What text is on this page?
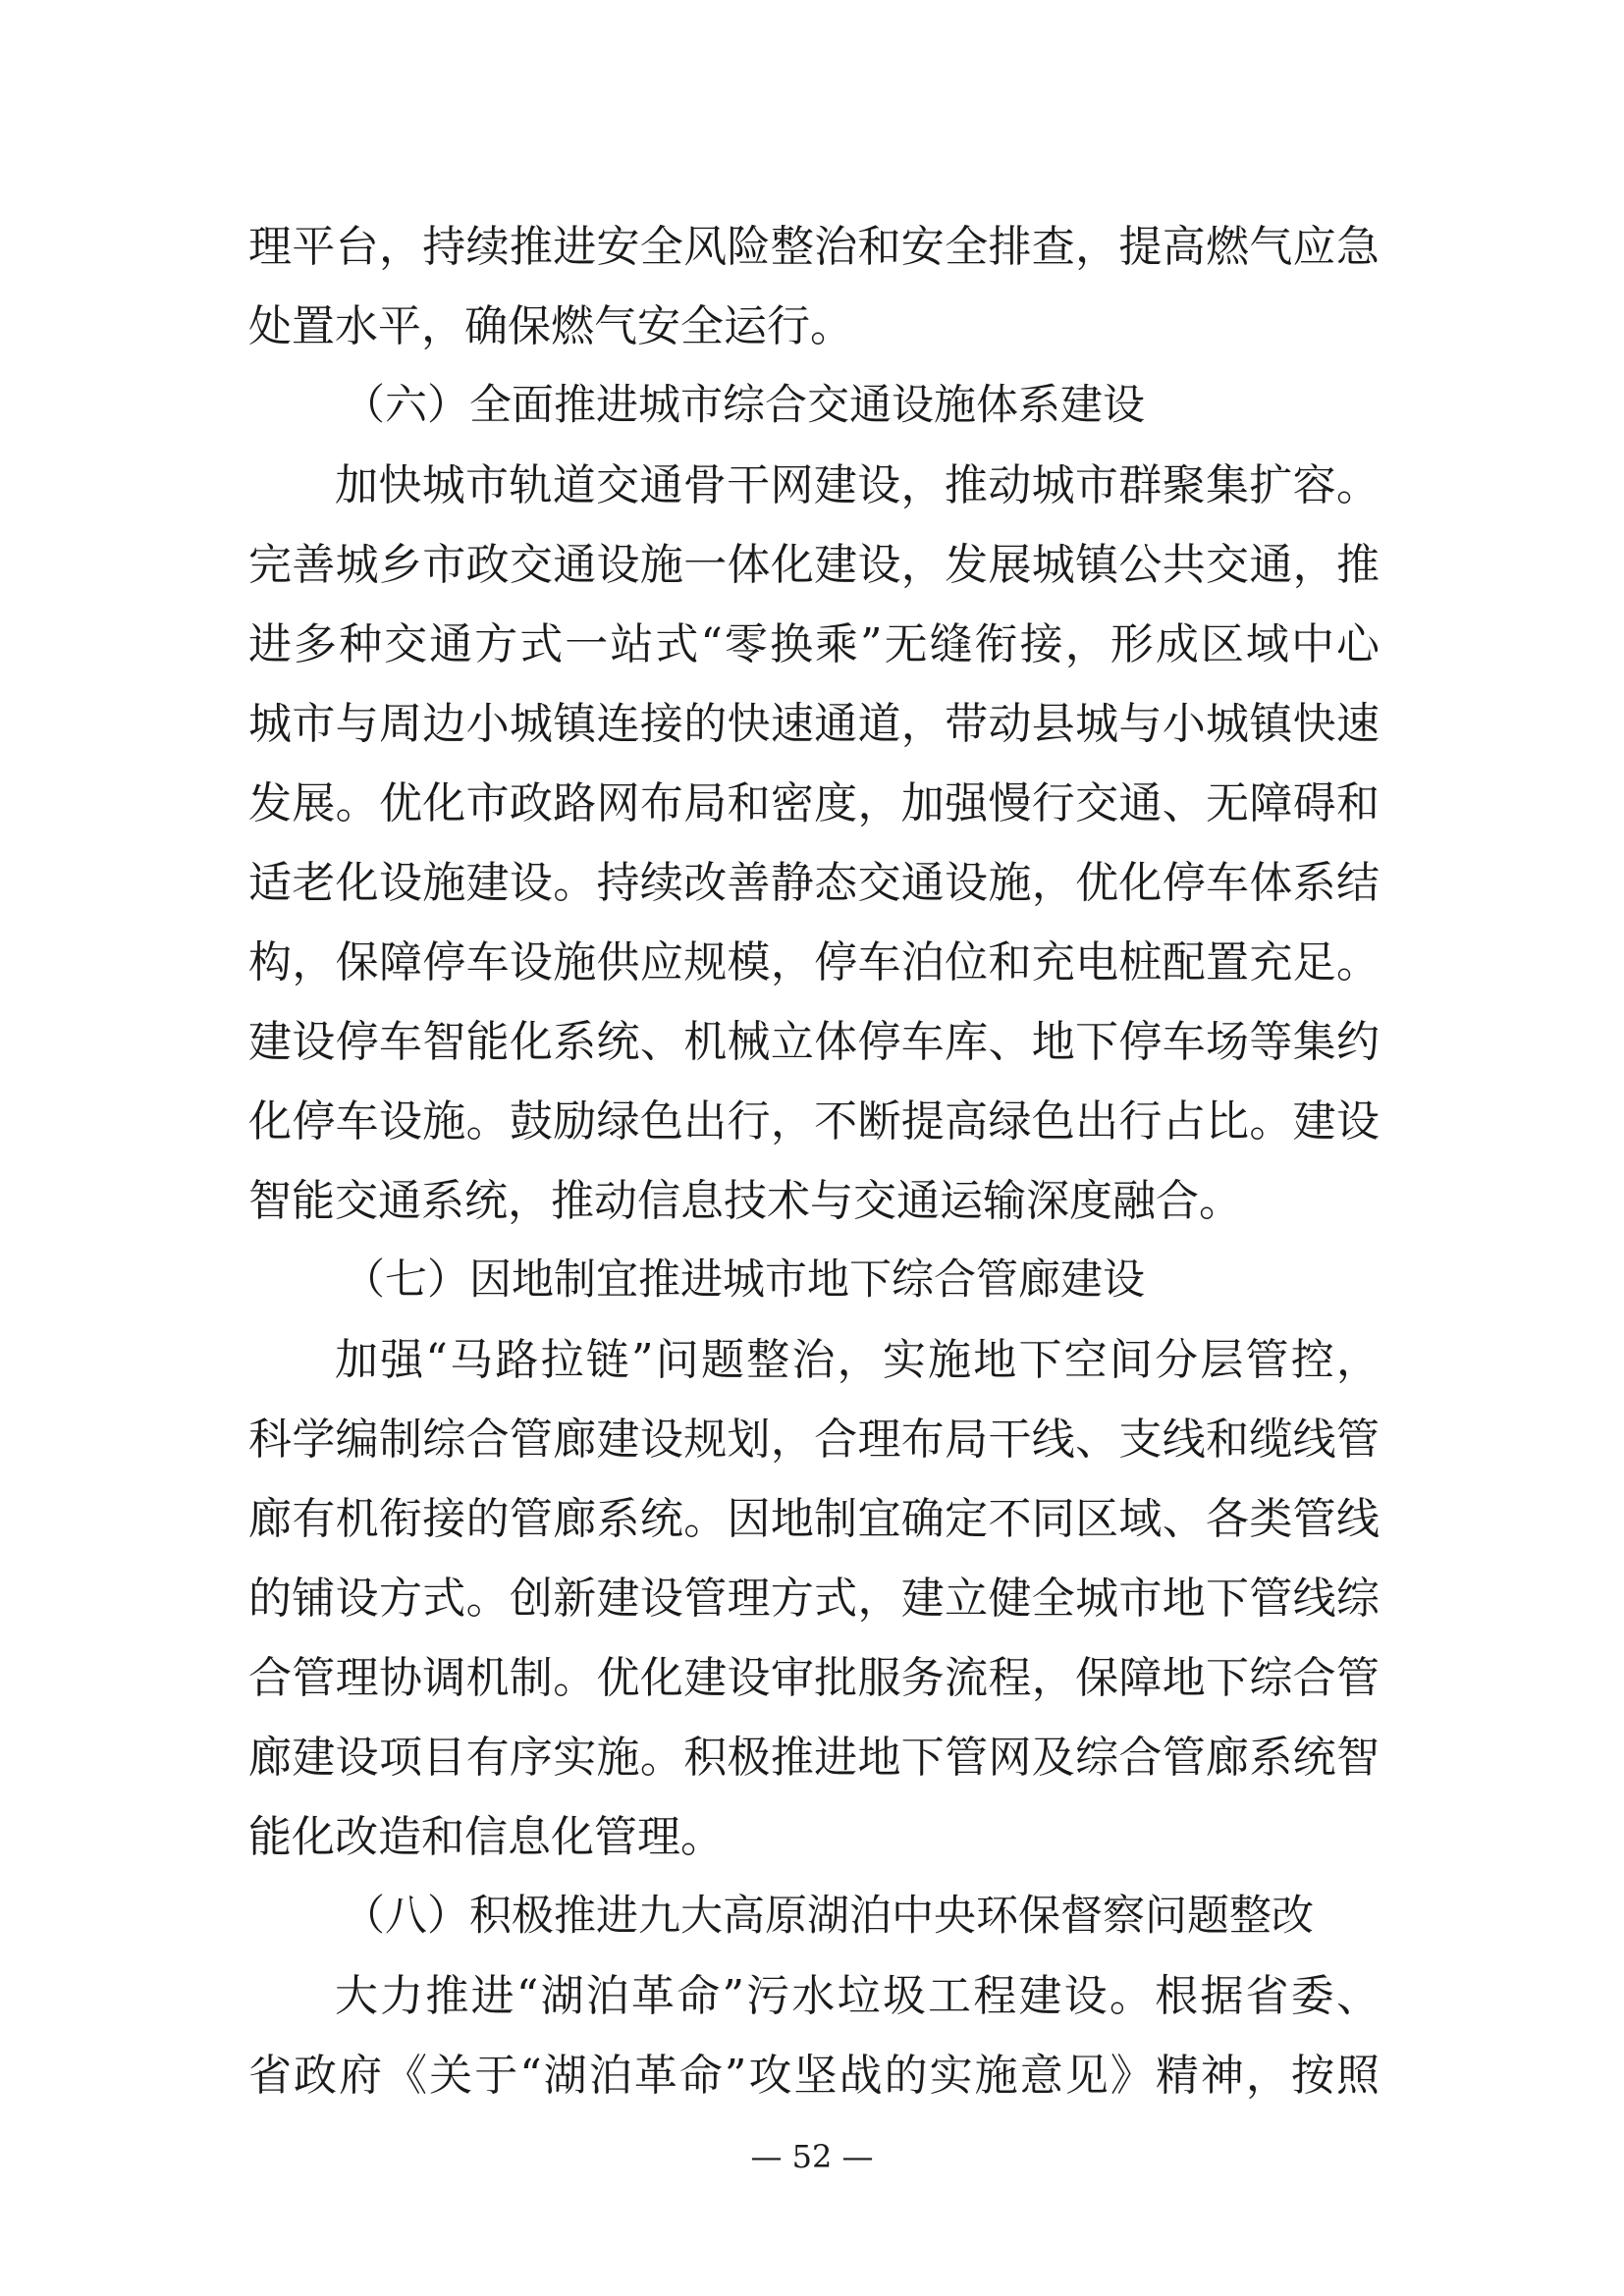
理平台，持续推进安全风险整治和安全排查，提高燃气应急
处置水平，确保燃气安全运行。
（六）全面推进城市综合交通设施体系建设
加快城市轨道交通骨干网建设，推动城市群聚集扩容。
完善城乡市政交通设施一体化建设，发展城镇公共交通，推
进多种交通方式一站式“零换乘”无缝衔接，形成区域中心
城市与周边小城镇连接的快速通道，带动县城与小城镇快速
发展。优化市政路网布局和密度，加强慢行交通、无障碍和
适老化设施建设。持续改善静态交通设施，优化停车体系结
构，保障停车设施供应规模，停车泊位和充电桩配置充足。
建设停车智能化系统、机械立体停车库、地下停车场等集约
化停车设施。鼓励绿色出行，不断提高绿色出行占比。建设
智能交通系统，推动信息技术与交通运输深度融合。
（七）因地制宜推进城市地下综合管廊建设
加强“马路拉链”问题整治，实施地下空间分层管控，
科学编制综合管廊建设规划，合理布局干线、支线和缆线管
廊有机衔接的管廊系统。因地制宜确定不同区域、各类管线
的铺设方式。创新建设管理方式，建立健全城市地下管线综
合管理协调机制。优化建设审批服务流程，保障地下综合管
廊建设项目有序实施。积极推进地下管网及综合管廊系统智
能化改造和信息化管理。
（八）积极推进九大高原湖泊中央环保督察问题整改
大力推进“湖泊革命”污水垃圾工程建设。根据省委、
省政府《关于“湖泊革命”攻坚战的实施意见》精神，按照
— 52 —
